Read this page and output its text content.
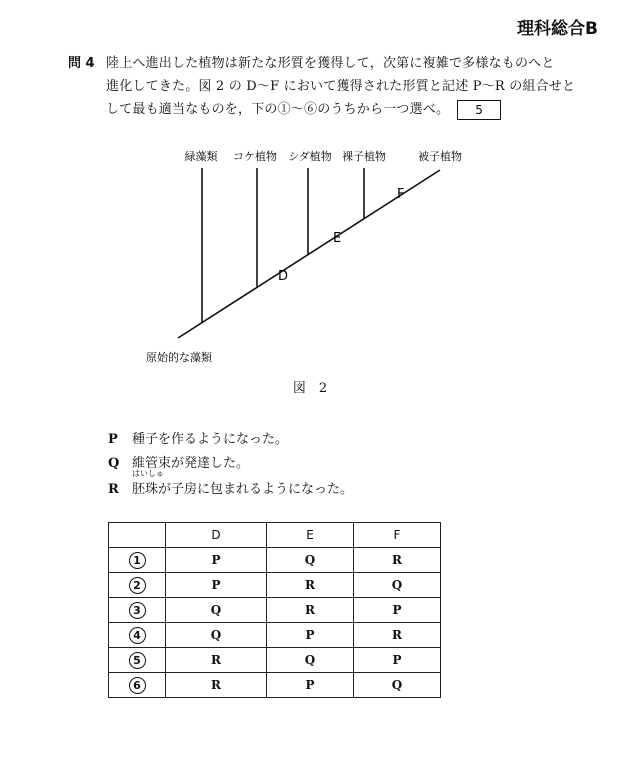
理科総合B
問 4 陸上へ進出した植物は新たな形質を獲得して，次第に複雑で多様なものへと
進化してきた。図 2 の D〜F において獲得された形質と記述 P〜R の組合せと
して最も適当なものを，下の①〜⑥のうちから一つ選べ。 5
緑藻類 コケ植物 シダ植物 裸子植物	被子植物
D
E
F
原始的な藻類
図　2
P 種子を作るようになった。
Q 維管束が発達した。
はいしゅ
R 胚珠が子房に包まれるようになった。
	D	E	F
1	P	Q	R
2	P	R	Q
3	Q	R	P
4	Q	P	R
5	R	Q	P
6	R	P	Q
